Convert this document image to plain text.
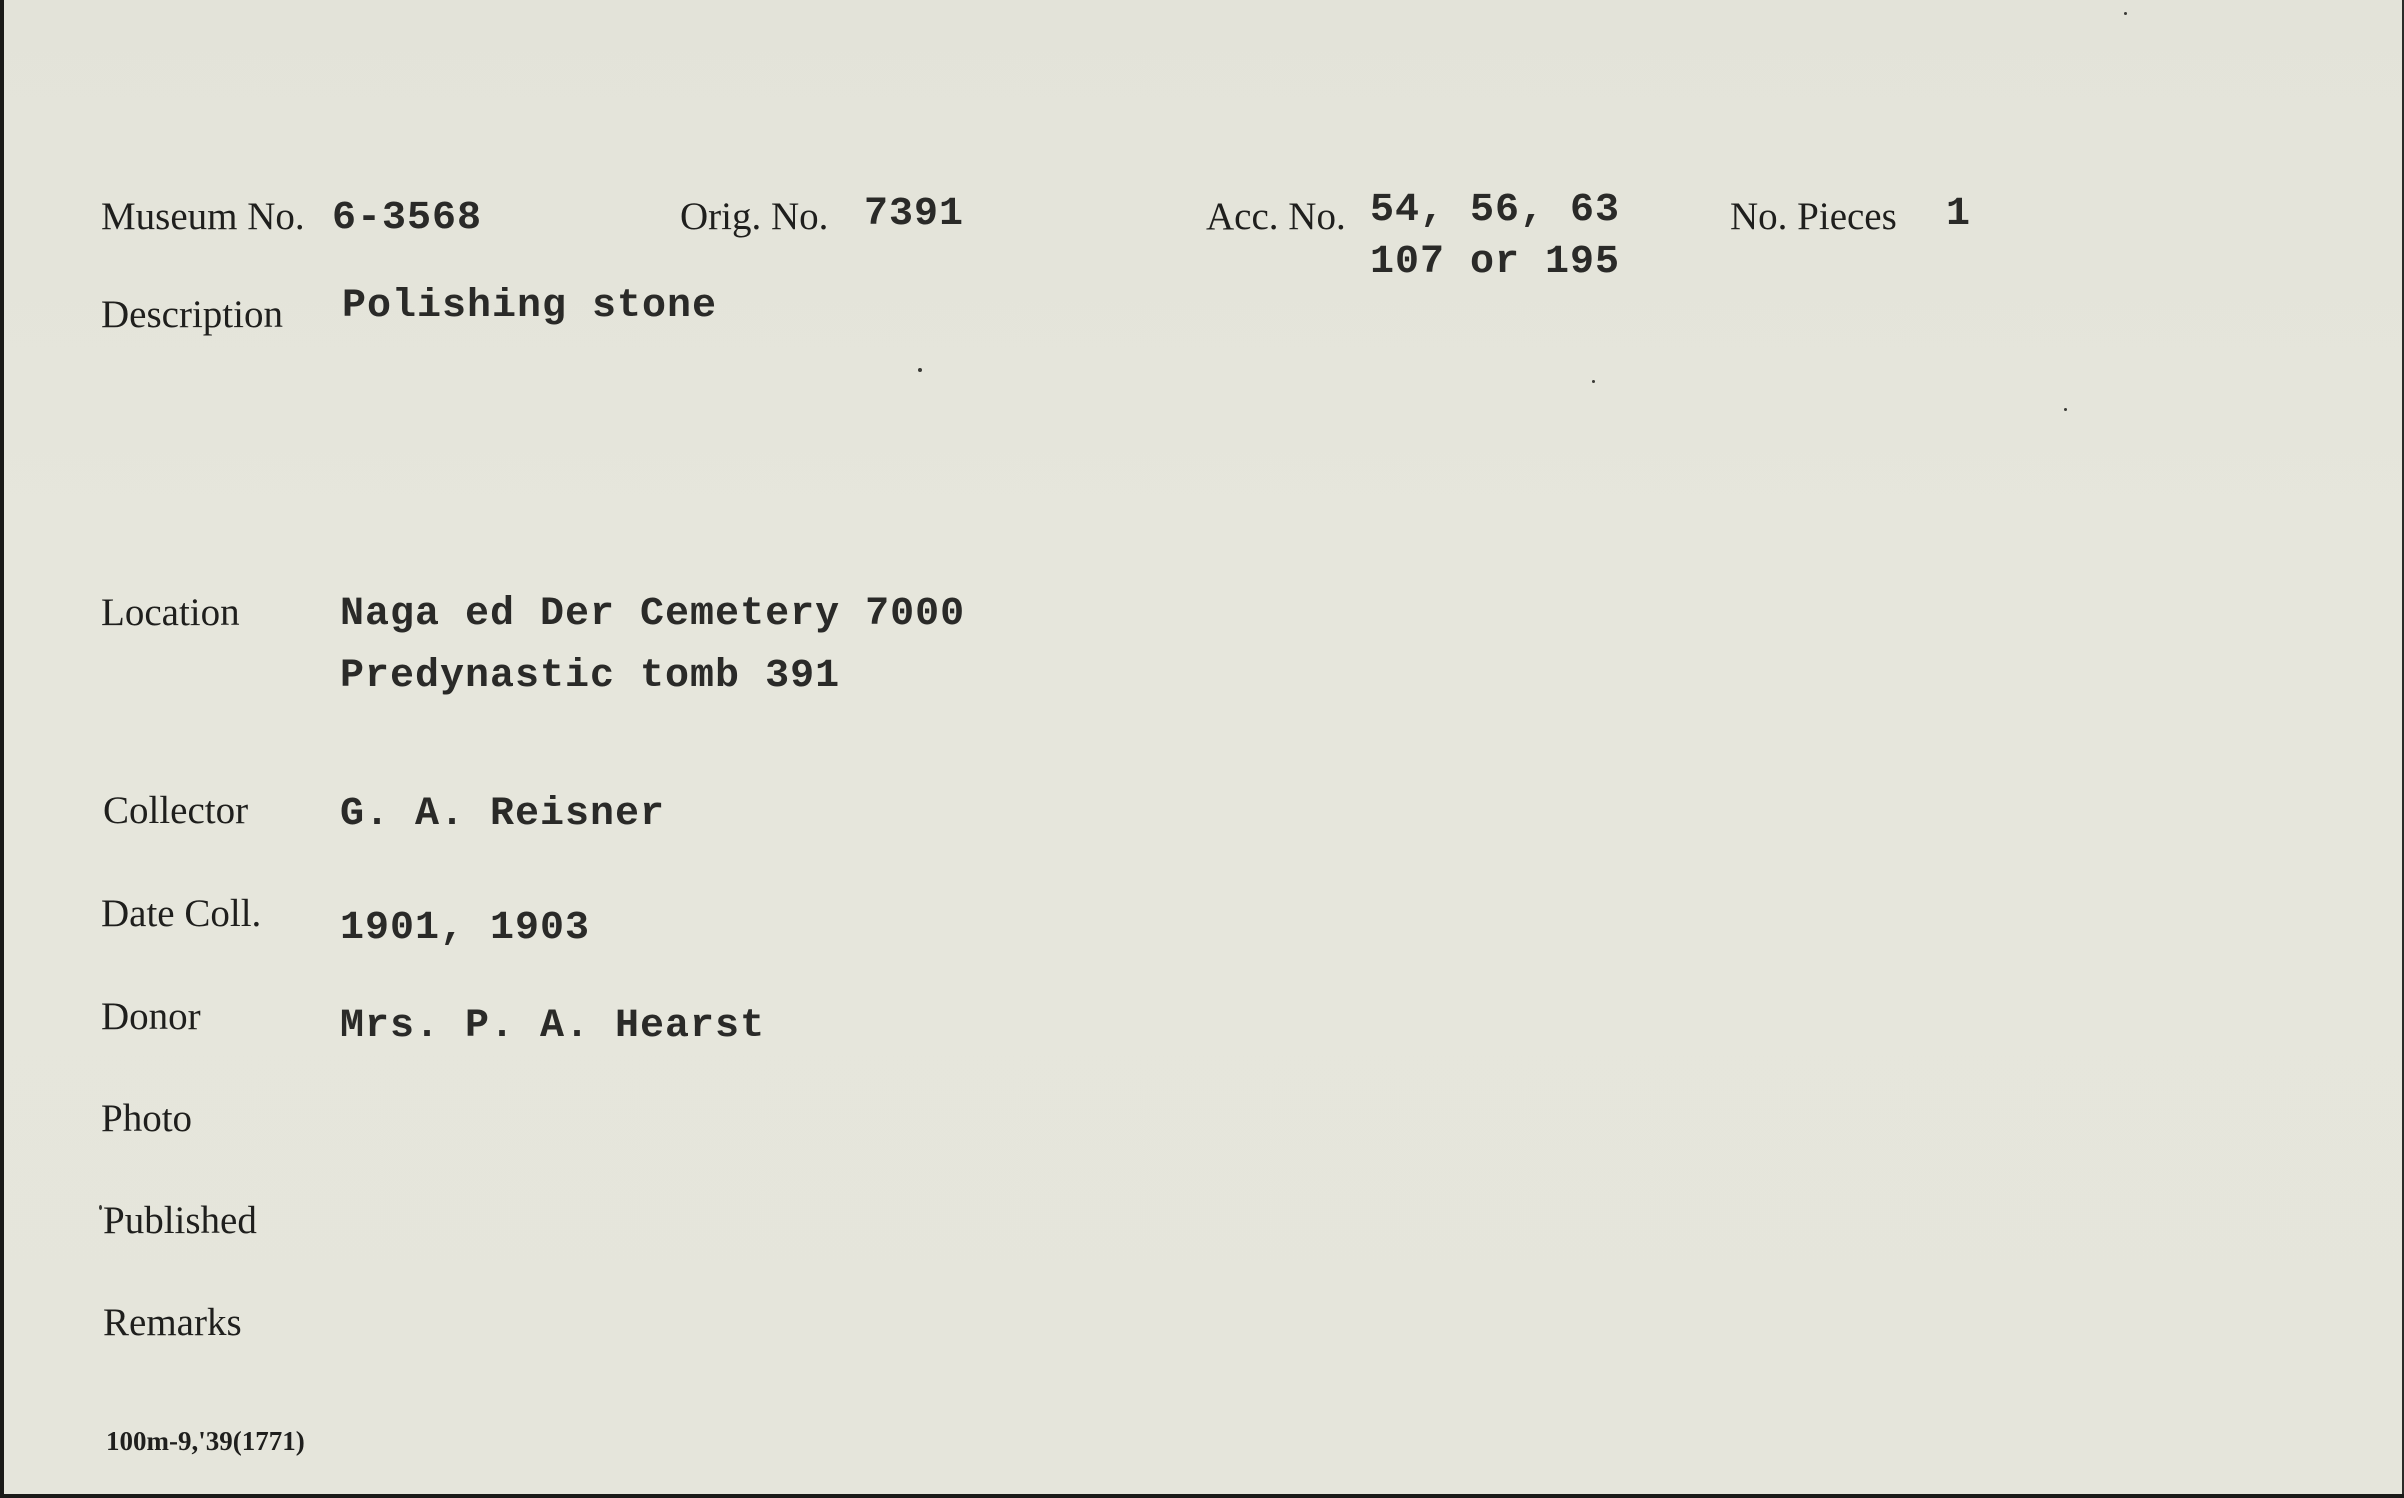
Museum No. 6-3568	Orig. No. 7391	Acc. No. 54, 56, 63
107 or 195
No. Pieces 1
Description Polishing stone
Location	Naga ed Der Cemetery 7000
Predynastic tomb 391
Collector G. A. Reisner
Date Coll. 1901, 1903
Donor	Mrs. P. A. Hearst
Photo
Published
Remarks
100m-9,'39(1771)
